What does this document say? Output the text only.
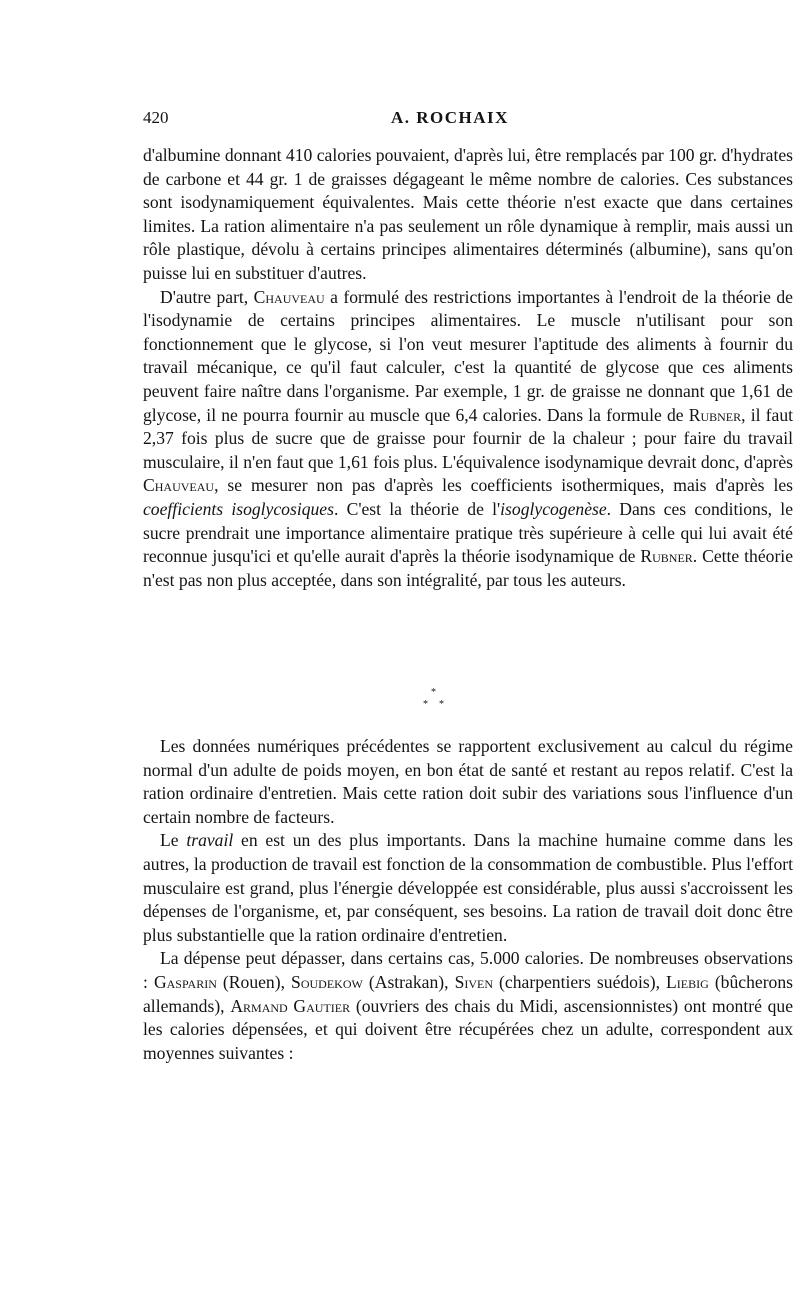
420	A. ROCHAIX

d'albumine donnant 410 calories pouvaient, d'après lui, être remplacés par 100 gr. d'hydrates de carbone et 44 gr. 1 de graisses dégageant le même nombre de calories. Ces substances sont isodynamiquement équivalentes. Mais cette théorie n'est exacte que dans certaines limites. La ration alimentaire n'a pas seulement un rôle dynamique à remplir, mais aussi un rôle plastique, dévolu à certains principes alimentaires déterminés (albumine), sans qu'on puisse lui en substituer d'autres.

D'autre part, Chauveau a formulé des restrictions importantes à l'endroit de la théorie de l'isodynamie de certains principes alimentaires. Le muscle n'utilisant pour son fonctionnement que le glycose, si l'on veut mesurer l'aptitude des aliments à fournir du travail mécanique, ce qu'il faut calculer, c'est la quantité de glycose que ces aliments peuvent faire naître dans l'organisme. Par exemple, 1 gr. de graisse ne donnant que 1,61 de glycose, il ne pourra fournir au muscle que 6,4 calories. Dans la formule de Rubner, il faut 2,37 fois plus de sucre que de graisse pour fournir de la chaleur ; pour faire du travail musculaire, il n'en faut que 1,61 fois plus. L'équivalence isodynamique devrait donc, d'après Chauveau, se mesurer non pas d'après les coefficients isothermiques, mais d'après les coefficients isoglycosiques. C'est la théorie de l'isoglycogenèse. Dans ces conditions, le sucre prendrait une importance alimentaire pratique très supérieure à celle qui lui avait été reconnue jusqu'ici et qu'elle aurait d'après la théorie isodynamique de Rubner. Cette théorie n'est pas non plus acceptée, dans son intégralité, par tous les auteurs.

*
* *

Les données numériques précédentes se rapportent exclusivement au calcul du régime normal d'un adulte de poids moyen, en bon état de santé et restant au repos relatif. C'est la ration ordinaire d'entretien. Mais cette ration doit subir des variations sous l'influence d'un certain nombre de facteurs.

Le travail en est un des plus importants. Dans la machine humaine comme dans les autres, la production de travail est fonction de la consommation de combustible. Plus l'effort musculaire est grand, plus l'énergie développée est considérable, plus aussi s'accroissent les dépenses de l'organisme, et, par conséquent, ses besoins. La ration de travail doit donc être plus substantielle que la ration ordinaire d'entretien.

La dépense peut dépasser, dans certains cas, 5.000 calories. De nombreuses observations : Gasparin (Rouen), Soudekow (Astrakan), Siven (charpentiers suédois), Liebig (bûcherons allemands), Armand Gautier (ouvriers des chais du Midi, ascensionnistes) ont montré que les calories dépensées, et qui doivent être récupérées chez un adulte, correspondent aux moyennes suivantes :
